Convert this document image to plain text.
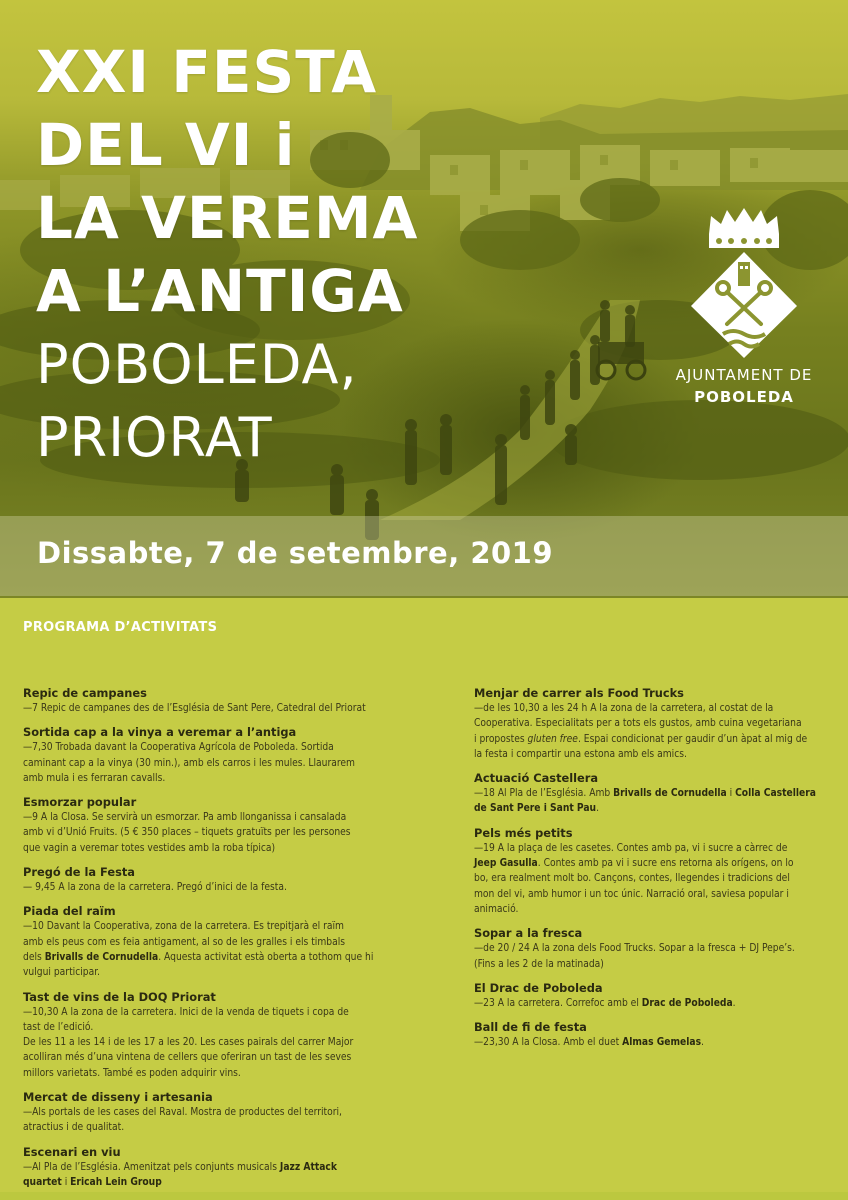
XXI FESTA
DEL VI i
LA VEREMA
A L’ANTIGA
POBOLEDA,
PRIORAT
AJUNTAMENT DE
POBOLEDA

Dissabte, 7 de setembre, 2019

PROGRAMA D’ACTIVITATS
Repic de campanes

—7 Repic de campanes des de l’Església de Sant Pere, Catedral del Priorat

Sortida cap a la vinya a veremar a l’antiga

—7,30 Trobada davant la Cooperativa Agrícola de Poboleda. Sortida

caminant cap a la vinya (30 min.), amb els carros i les mules. Llaurarem

amb mula i es ferraran cavalls.

Esmorzar popular

—9 A la Closa. Se servirà un esmorzar. Pa amb llonganissa i cansalada

amb vi d’Unió Fruits. (5 € 350 places – tiquets gratuïts per les persones

que vagin a veremar totes vestides amb la roba típica)

Pregó de la Festa

— 9,45 A la zona de la carretera. Pregó d’inici de la festa.

Piada del raïm

—10 Davant la Cooperativa, zona de la carretera. Es trepitjarà el raïm

amb els peus com es feia antigament, al so de les gralles i els timbals

dels Brivalls de Cornudella. Aquesta activitat està oberta a tothom que hi

vulgui participar.

Tast de vins de la DOQ Priorat

—10,30 A la zona de la carretera. Inici de la venda de tiquets i copa de

tast de l’edició.

De les 11 a les 14 i de les 17 a les 20. Les cases pairals del carrer Major

acolliran més d’una vintena de cellers que oferiran un tast de les seves

millors varietats. També es poden adquirir vins.

Mercat de disseny i artesania

—Als portals de les cases del Raval. Mostra de productes del territori,

atractius i de qualitat.

Escenari en viu

—Al Pla de l’Església. Amenitzat pels conjunts musicals Jazz Attack

quartet i Ericah Lein Group

Menjar de carrer als Food Trucks

—de les 10,30 a les 24 h A la zona de la carretera, al costat de la

Cooperativa. Especialitats per a tots els gustos, amb cuina vegetariana

i propostes gluten free. Espai condicionat per gaudir d’un àpat al mig de

la festa i compartir una estona amb els amics.

Actuació Castellera

—18 Al Pla de l’Església. Amb Brivalls de Cornudella i Colla Castellera

de Sant Pere i Sant Pau.

Pels més petits

—19 A la plaça de les casetes. Contes amb pa, vi i sucre a càrrec de

Jeep Gasulla. Contes amb pa vi i sucre ens retorna als orígens, on lo

bo, era realment molt bo. Cançons, contes, llegendes i tradicions del

mon del vi, amb humor i un toc únic. Narració oral, saviesa popular i

animació.

Sopar a la fresca

—de 20 / 24 A la zona dels Food Trucks. Sopar a la fresca + DJ Pepe’s.

(Fins a les 2 de la matinada)

El Drac de Poboleda

—23 A la carretera. Correfoc amb el Drac de Poboleda.

Ball de fi de festa

—23,30 A la Closa. Amb el duet Almas Gemelas.
